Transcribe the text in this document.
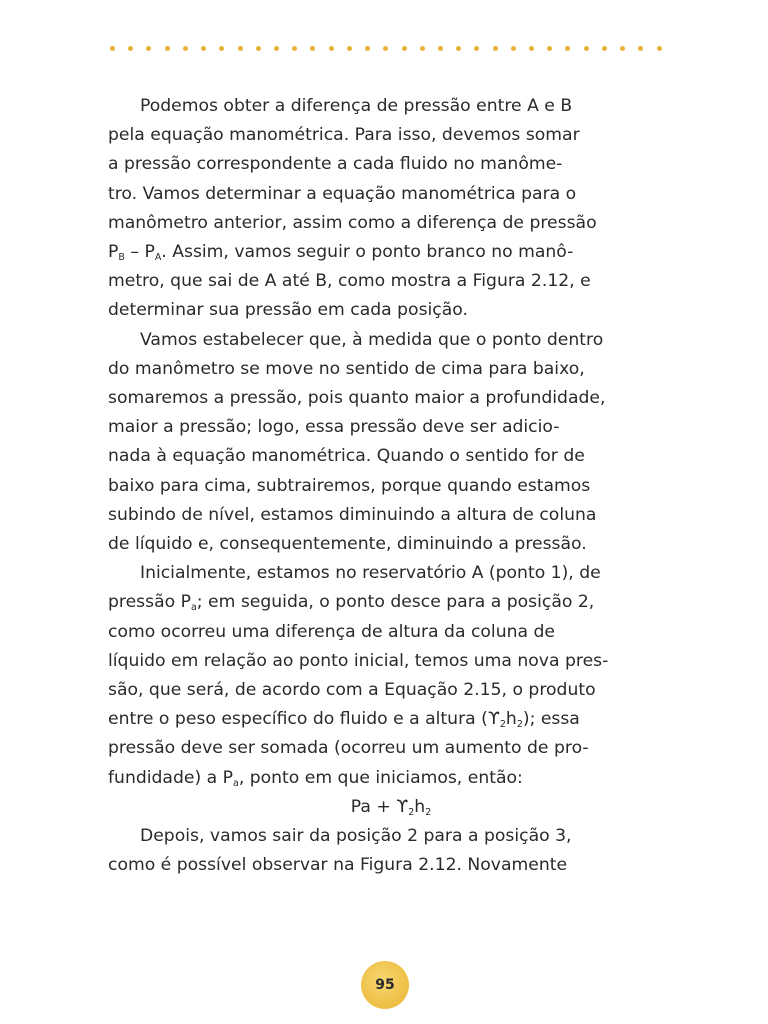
Podemos obter a diferença de pressão entre A e B

pela equação manométrica. Para isso, devemos somar

a pressão correspondente a cada fluido no manôme-

tro. Vamos determinar a equação manométrica para o

manômetro anterior, assim como a diferença de pressão

$P_B - P_A$. Assim, vamos seguir o ponto branco no manô-

metro, que sai de A até B, como mostra a Figura 2.12, e

determinar sua pressão em cada posição.

Vamos estabelecer que, à medida que o ponto dentro

do manômetro se move no sentido de cima para baixo,

somaremos a pressão, pois quanto maior a profundidade,

maior a pressão; logo, essa pressão deve ser adicio-

nada à equação manométrica. Quando o sentido for de

baixo para cima, subtrairemos, porque quando estamos

subindo de nível, estamos diminuindo a altura de coluna

de líquido e, consequentemente, diminuindo a pressão.

Inicialmente, estamos no reservatório A (ponto 1), de

pressão $P_a$; em seguida, o ponto desce para a posição 2,

como ocorreu uma diferença de altura da coluna de

líquido em relação ao ponto inicial, temos uma nova pres-

são, que será, de acordo com a Equação 2.15, o produto

entre o peso específico do fluido e a altura $(ϒ_2h_2)$; essa

pressão deve ser somada (ocorreu um aumento de pro-

fundidade) a $P_a$, ponto em que iniciamos, então:

$Pa + ϒ_2h_2$

Depois, vamos sair da posição 2 para a posição 3,

como é possível observar na Figura 2.12. Novamente

95
